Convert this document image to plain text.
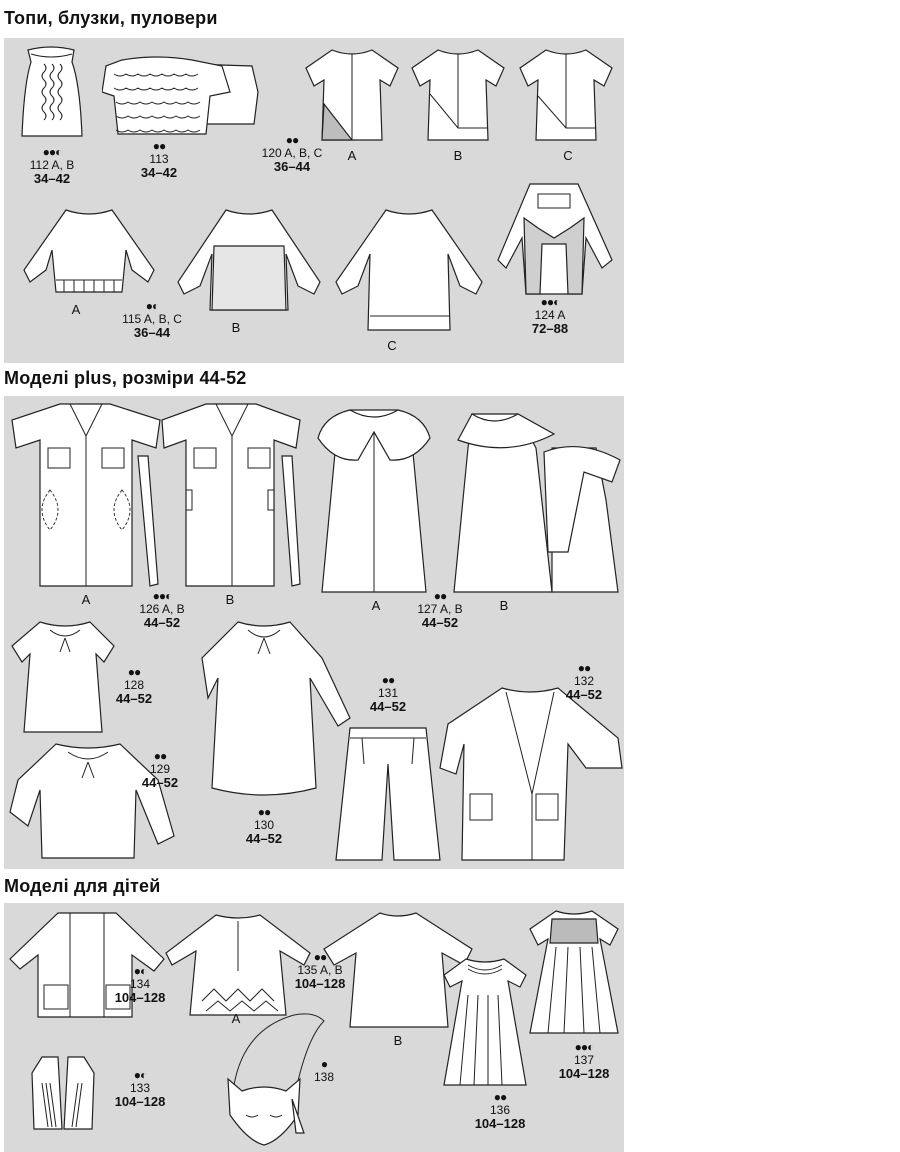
Топи, блузки, пуловери
●●◐
112 A, B
34–42
●●
113
34–42
A	B	C
●●
120 A, B, C
36–44
A
B
C
●◐
115 A, B, C
36–44
●●◐
124 A
72–88
Моделі plus, розміри 44-52
A	B
●●◐
126 A, B
44–52
A	B
●●
127 A, B
44–52
●●
128
44–52
●●
129
44–52
●●
130
44–52
●●
131
44–52
●●
132
44–52
Моделі для дітей
●◐
134
104–128
A
B
●●
135 A, B
104–128
●◐
133
104–128
●
138
●●
136
104–128
●●◐
137
104–128
